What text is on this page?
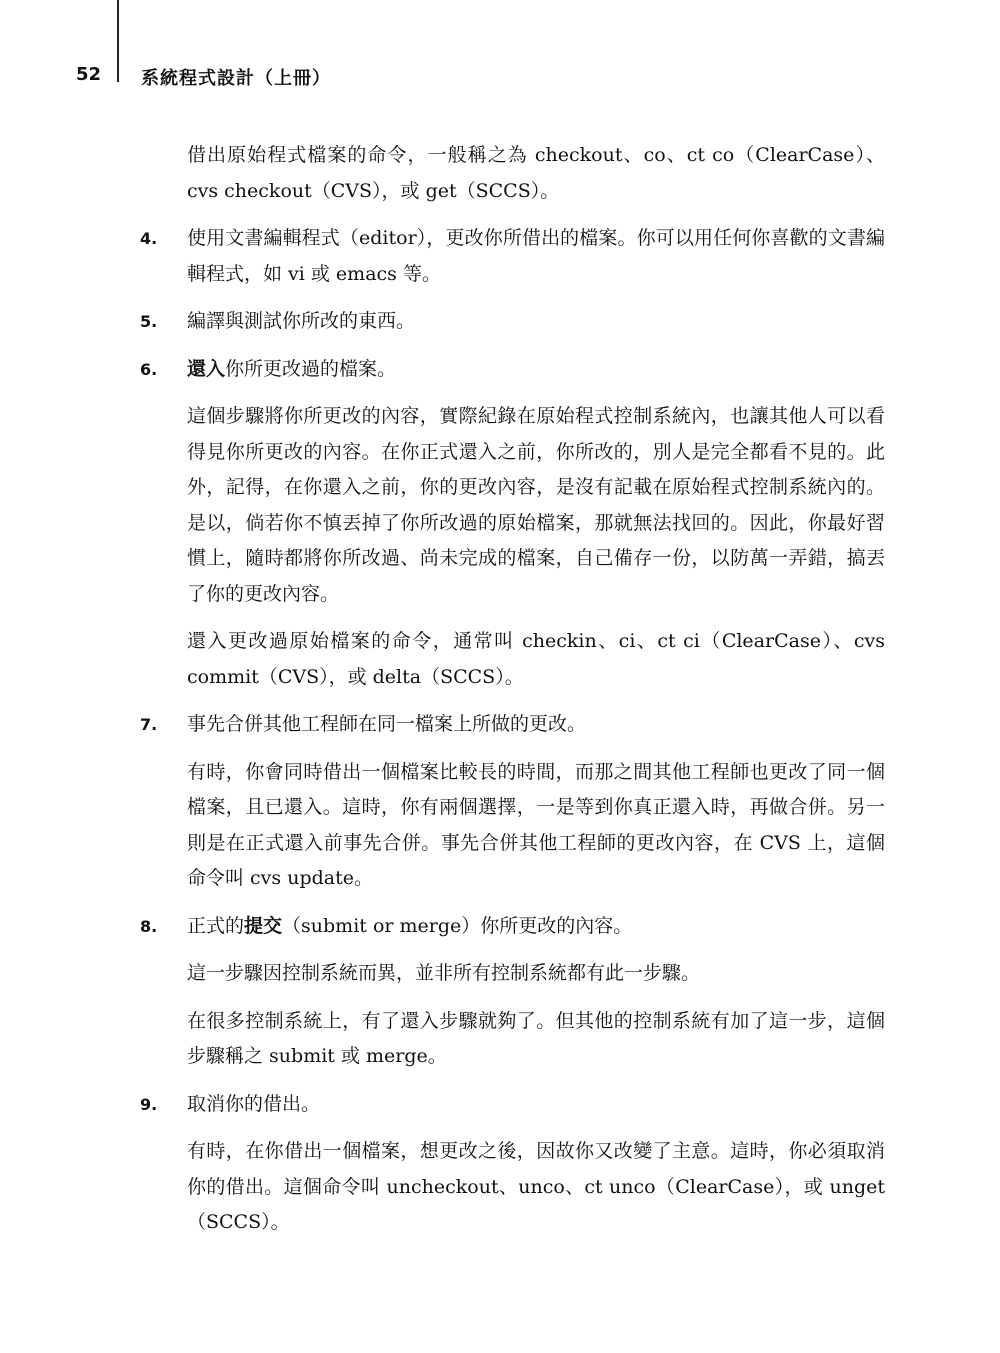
52 系統程式設計（上冊）

借出原始程式檔案的命令，一般稱之為 checkout、co、ct co（ClearCase）、cvs checkout（CVS），或 get（SCCS）。

4. 使用文書編輯程式（editor），更改你所借出的檔案。你可以用任何你喜歡的文書編輯程式，如 vi 或 emacs 等。

5. 編譯與測試你所改的東西。

6. 還入你所更改過的檔案。

這個步驟將你所更改的內容，實際紀錄在原始程式控制系統內，也讓其他人可以看得見你所更改的內容。在你正式還入之前，你所改的，別人是完全都看不見的。此外，記得，在你還入之前，你的更改內容，是沒有記載在原始程式控制系統內的。是以，倘若你不慎丟掉了你所改過的原始檔案，那就無法找回的。因此，你最好習慣上，隨時都將你所改過、尚未完成的檔案，自己備存一份，以防萬一弄錯，搞丟了你的更改內容。

還入更改過原始檔案的命令，通常叫 checkin、ci、ct ci（ClearCase）、cvs commit（CVS），或 delta（SCCS）。

7. 事先合併其他工程師在同一檔案上所做的更改。

有時，你會同時借出一個檔案比較長的時間，而那之間其他工程師也更改了同一個檔案，且已還入。這時，你有兩個選擇，一是等到你真正還入時，再做合併。另一則是在正式還入前事先合併。事先合併其他工程師的更改內容，在 CVS 上，這個命令叫 cvs update。

8. 正式的提交（submit or merge）你所更改的內容。

這一步驟因控制系統而異，並非所有控制系統都有此一步驟。

在很多控制系統上，有了還入步驟就夠了。但其他的控制系統有加了這一步，這個步驟稱之 submit 或 merge。

9. 取消你的借出。

有時，在你借出一個檔案，想更改之後，因故你又改變了主意。這時，你必須取消你的借出。這個命令叫 uncheckout、unco、ct unco（ClearCase），或 unget（SCCS）。
